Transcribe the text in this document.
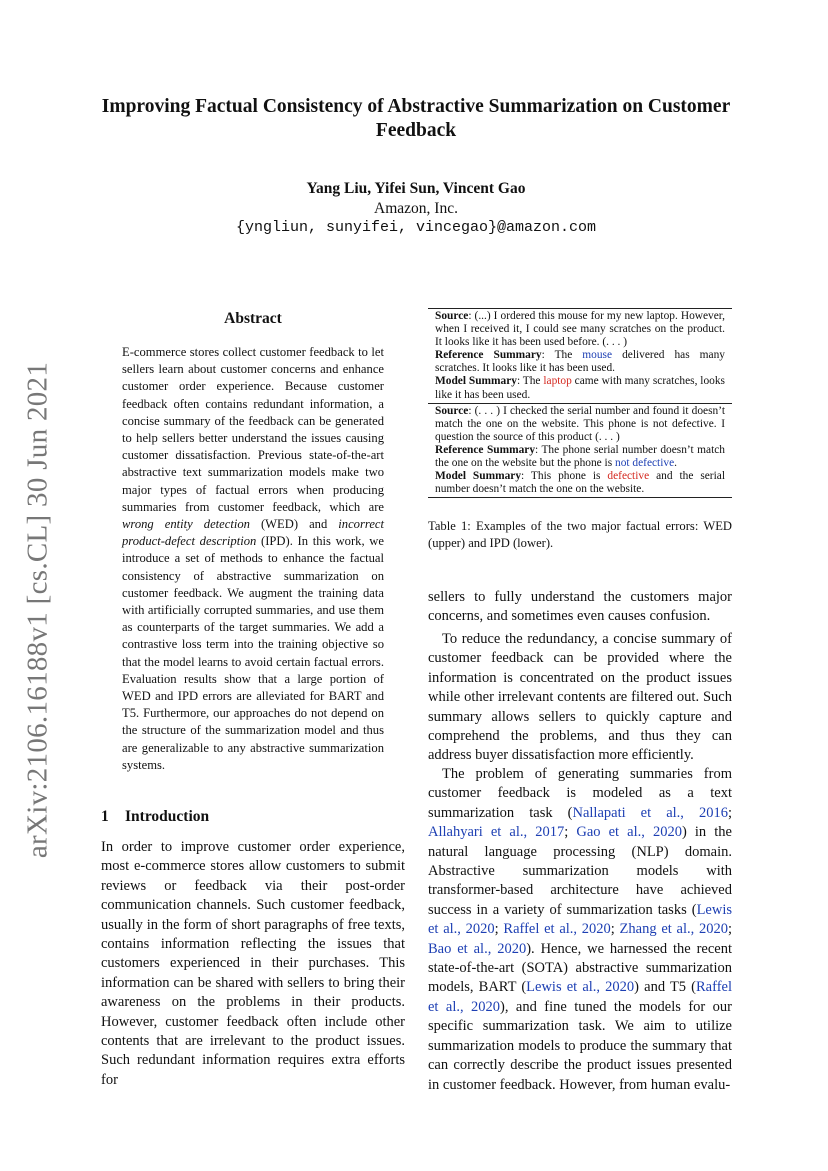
arXiv:2106.16188v1 [cs.CL] 30 Jun 2021
Improving Factual Consistency of Abstractive Summarization on Customer Feedback
Yang Liu, Yifei Sun, Vincent Gao
Amazon, Inc.
{yngliun, sunyifei, vincegao}@amazon.com
Abstract

E-commerce stores collect customer feedback to let sellers learn about customer concerns and enhance customer order experience. Because customer feedback often contains redundant information, a concise summary of the feedback can be generated to help sellers better understand the issues causing customer dissatisfaction. Previous state-of-the-art abstractive text summarization models make two major types of factual errors when producing summaries from customer feedback, which are wrong entity detection (WED) and incorrect product-defect description (IPD). In this work, we introduce a set of methods to enhance the factual consistency of abstractive summarization on customer feedback. We augment the training data with artificially corrupted summaries, and use them as counterparts of the target summaries. We add a contrastive loss term into the training objective so that the model learns to avoid certain factual errors. Evaluation results show that a large portion of WED and IPD errors are alleviated for BART and T5. Furthermore, our approaches do not depend on the structure of the summarization model and thus are generalizable to any abstractive summarization systems.

1 Introduction

In order to improve customer order experience, most e-commerce stores allow customers to submit reviews or feedback via their post-order communication channels. Such customer feedback, usually in the form of short paragraphs of free texts, contains information reflecting the issues that customers experienced in their purchases. This information can be shared with sellers to bring their awareness on the problems in their products. However, customer feedback often include other contents that are irrelevant to the product issues. Such redundant information requires extra efforts for

Source: (...) I ordered this mouse for my new laptop. However, when I received it, I could see many scratches on the product. It looks like it has been used before. (. . . )
Reference Summary: The mouse delivered has many scratches. It looks like it has been used.
Model Summary: The laptop came with many scratches, looks like it has been used.
Source: (. . . ) I checked the serial number and found it doesn’t match the one on the website. This phone is not defective. I question the source of this product (. . . )
Reference Summary: The phone serial number doesn’t match the one on the website but the phone is not defective.
Model Summary: This phone is defective and the serial number doesn’t match the one on the website.
Table 1: Examples of the two major factual errors: WED (upper) and IPD (lower).

sellers to fully understand the customers major concerns, and sometimes even causes confusion.

To reduce the redundancy, a concise summary of customer feedback can be provided where the information is concentrated on the product issues while other irrelevant contents are filtered out. Such summary allows sellers to quickly capture and comprehend the problems, and thus they can address buyer dissatisfaction more efficiently.

The problem of generating summaries from customer feedback is modeled as a text summarization task (Nallapati et al., 2016; Allahyari et al., 2017; Gao et al., 2020) in the natural language processing (NLP) domain. Abstractive summarization models with transformer-based architecture have achieved success in a variety of summarization tasks (Lewis et al., 2020; Raffel et al., 2020; Zhang et al., 2020; Bao et al., 2020). Hence, we harnessed the recent state-of-the-art (SOTA) abstractive summarization models, BART (Lewis et al., 2020) and T5 (Raffel et al., 2020), and fine tuned the models for our specific summarization task. We aim to utilize summarization models to produce the summary that can correctly describe the product issues presented in customer feedback. However, from human evalu-
